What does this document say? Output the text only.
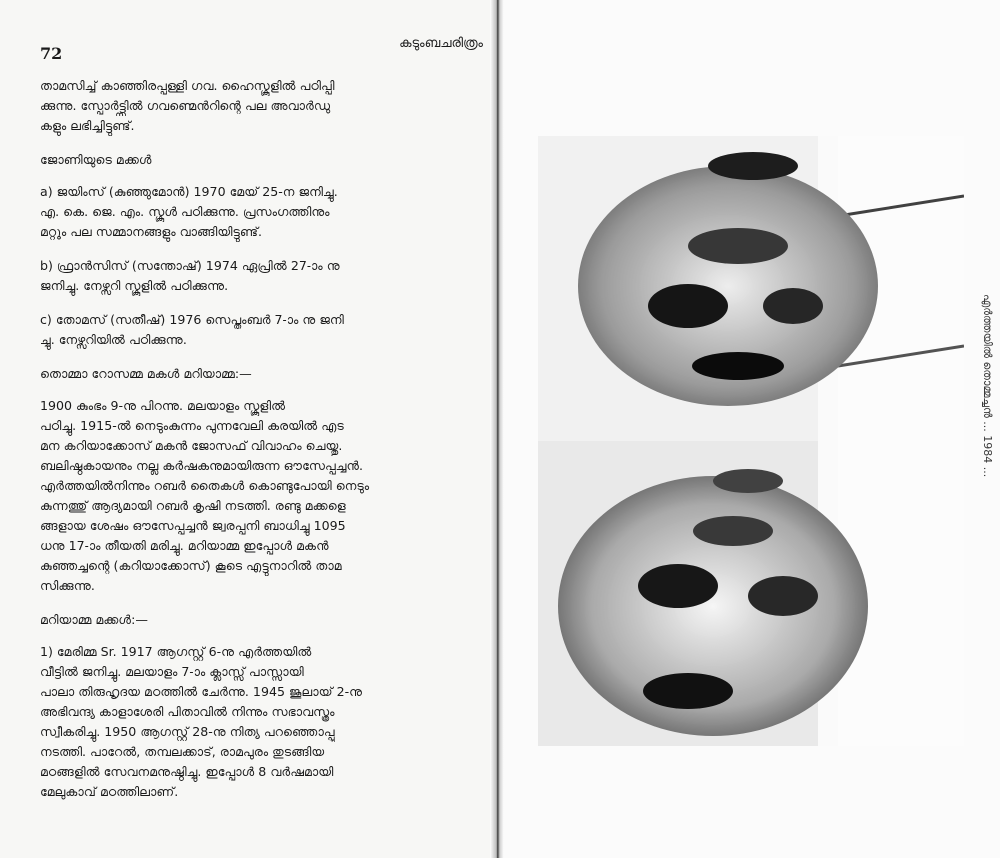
72
കടുംബചരിത്രം
താമസിച്ച് കാഞ്ഞിരപ്പള്ളി ഗവ. ഹൈസ്കൂളിൽ പഠിപ്പി
ക്കുന്നു. സ്പോർട്ട്സിൽ ഗവണ്മെൻറിന്റെ പല അവാർഡു
കളും ലഭിച്ചിട്ടുണ്ട്.
ജോണിയുടെ മക്കൾ
a) ജയിംസ് (കുഞ്ഞുമോൻ) 1970 മേയ് 25-ന ജനിച്ചു.
എ. കെ. ജെ. എം. സ്കൂൾ പഠിക്കുന്നു. പ്രസംഗത്തിനും
മറ്റും പല സമ്മാനങ്ങളും വാങ്ങിയിട്ടുണ്ട്.
b) ഫ്രാൻസിസ് (സന്തോഷ്) 1974 ഏപ്രിൽ 27-ാം നു
ജനിച്ചു. നേഴ്സറി സ്കൂളിൽ പഠിക്കുന്നു.
c) തോമസ് (സതീഷ്) 1976 സെപ്തംബർ 7-ാം നു ജനി
ച്ചു. നേഴ്സറിയിൽ പഠിക്കുന്നു.
തൊമ്മാ റോസമ്മ മകൾ മറിയാമ്മ:—
1900 കുംഭം 9-നു പിറന്നു. മലയാളം സ്കൂളിൽ
പഠിച്ചു. 1915-ൽ നെടുംകുന്നം പുന്നവേലി കരയിൽ എട
മന കറിയാക്കോസ് മകൻ ജോസഫ് വിവാഹം ചെയ്തു.
ബലിഷ്ഠകായനും നല്ല കർഷകനുമായിരുന്ന ഔസേപ്പച്ചൻ.
എർത്തയിൽനിന്നും റബർ തൈകൾ കൊണ്ടുപോയി നെടും
കുന്നത്തു് ആദ്യമായി റബർ കൃഷി നടത്തി. രണ്ടു മക്കളെ
ങ്ങളായ ശേഷം ഔസേപ്പച്ചൻ ജ്വരപ്പനി ബാധിച്ചു 1095
ധനു 17-ാം തീയതി മരിച്ചു. മറിയാമ്മ ഇപ്പോൾ മകൻ
കുഞ്ഞച്ചന്റെ (കറിയാക്കോസ്) കൂടെ എട്ടുനാറിൽ താമ
സിക്കുന്നു.
മറിയാമ്മ മക്കൾ:—
1) മേരിമ്മ Sr. 1917 ആഗസ്റ്റ് 6-നു എർത്തയിൽ
വീട്ടിൽ ജനിച്ചു. മലയാളം 7-ാം ക്ലാസ്സ് പാസ്സായി
പാലാ തിരുഹൃദയ മഠത്തിൽ ചേർന്നു. 1945 ജൂലായ് 2-നു
അഭിവന്ദ്യ കാളാശേരി പിതാവിൽ നിന്നും സഭാവസ്ത്രം
സ്വീകരിച്ചു. 1950 ആഗസ്റ്റ് 28-നു നിത്യ പറഞ്ഞൊപ്പു
നടത്തി. പാറേൽ, തമ്പലക്കാട്, രാമപുരം തുടങ്ങിയ
മഠങ്ങളിൽ സേവനമനുഷ്ഠിച്ചു. ഇപ്പോൾ 8 വർഷമായി
മേലുകാവ് മഠത്തിലാണ്.
എർത്തയിൽ തൊമ്മച്ചൻ ... 1984 ...
